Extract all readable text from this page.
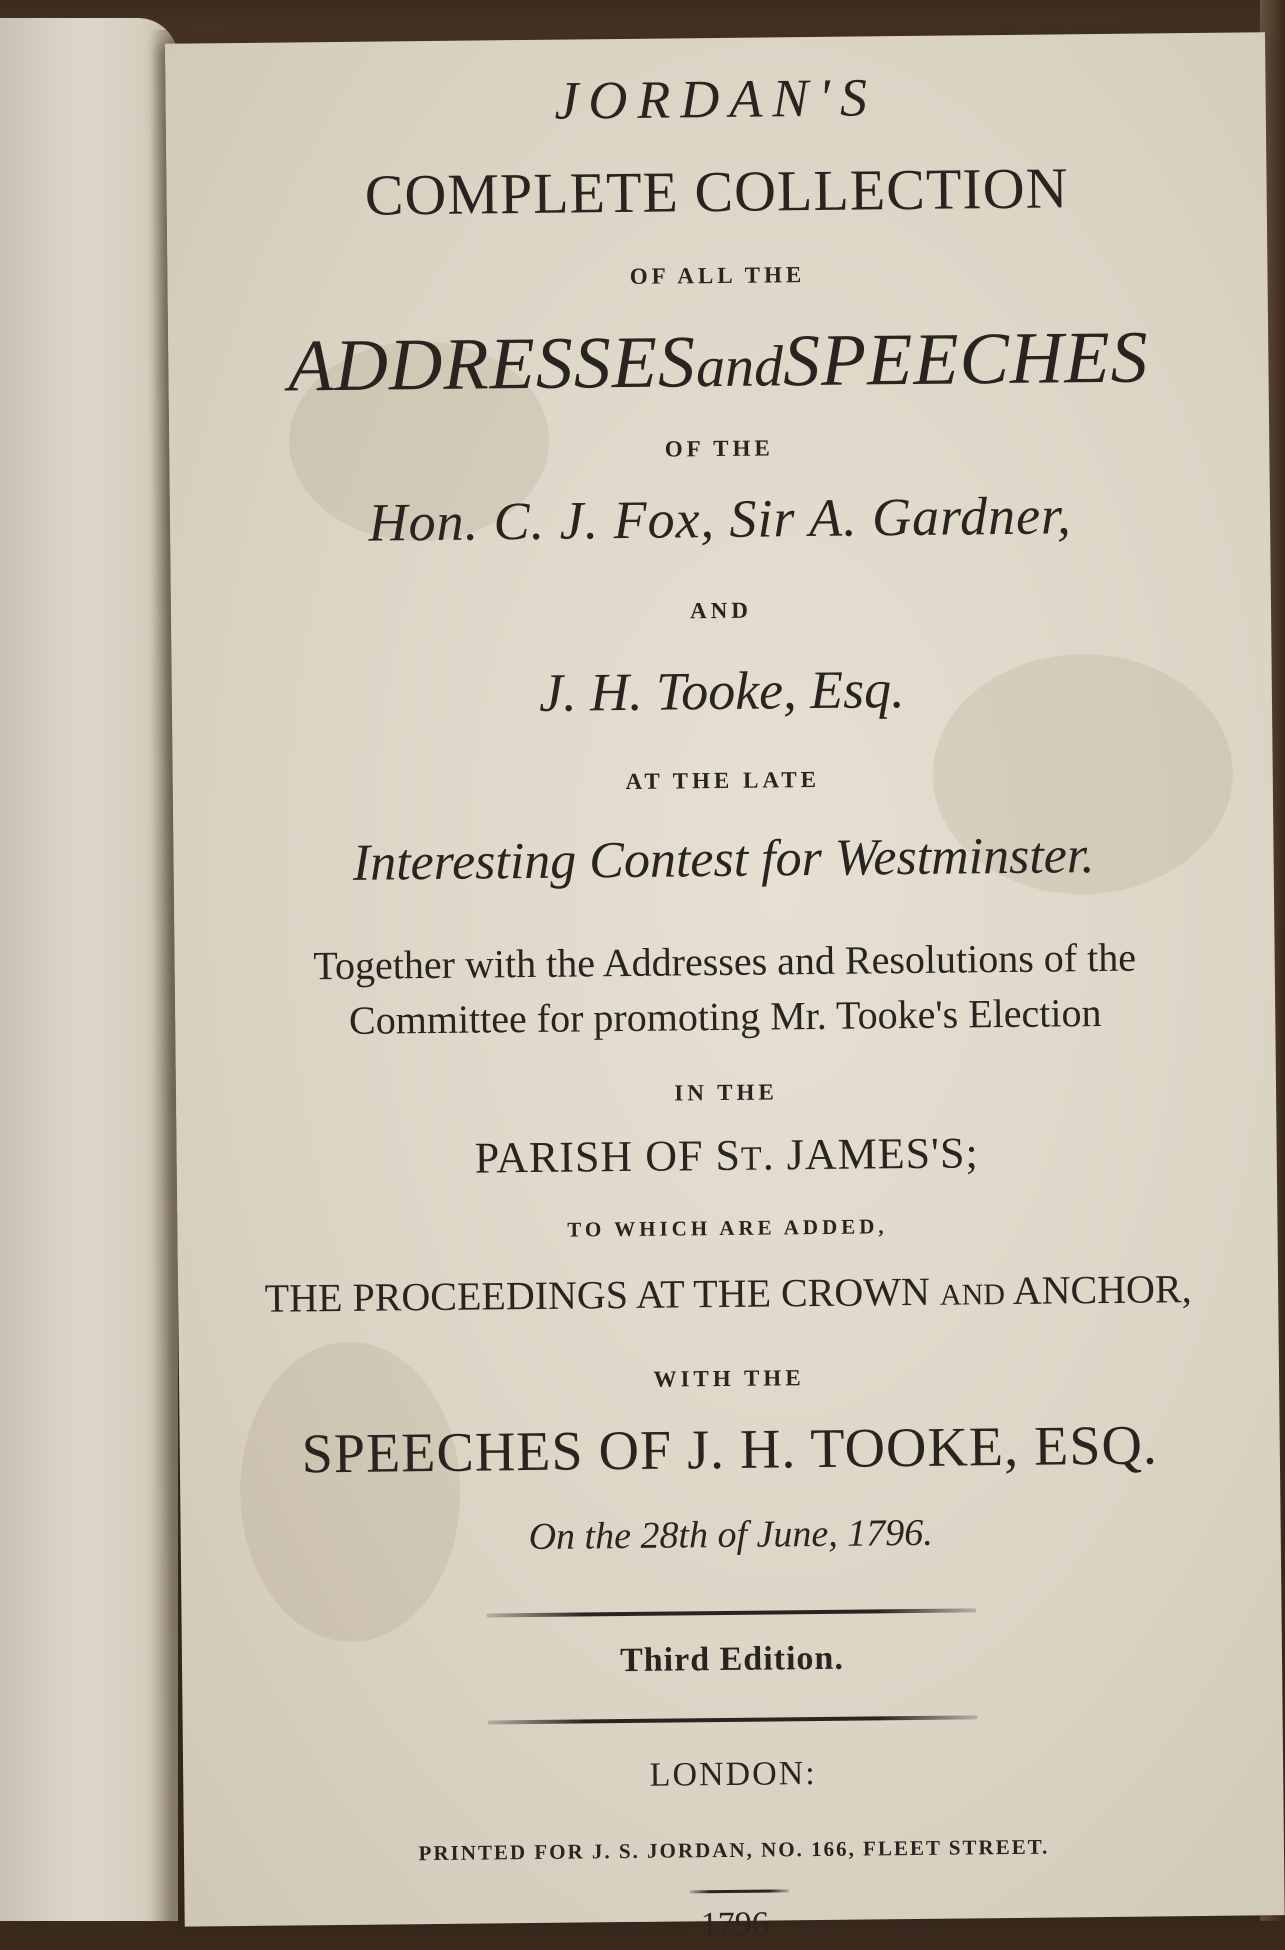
JORDAN'S
COMPLETE COLLECTION
OF ALL THE
ADDRESSESandSPEECHES
OF THE
Hon. C. J. Fox, Sir A. Gardner,
AND
J. H. Tooke, Esq.
AT THE LATE
Interesting Contest for Westminster.
Together with the Addresses and Resolutions of the
Committee for promoting Mr. Tooke's Election
IN THE
PARISH OF ST. JAMES'S;
TO WHICH ARE ADDED,
THE PROCEEDINGS AT THE CROWN AND ANCHOR,
WITH THE
SPEECHES OF J. H. TOOKE, ESQ.
On the 28th of June, 1796.
Third Edition.
LONDON:
PRINTED FOR J. S. JORDAN, NO. 166, FLEET STREET.
1796
